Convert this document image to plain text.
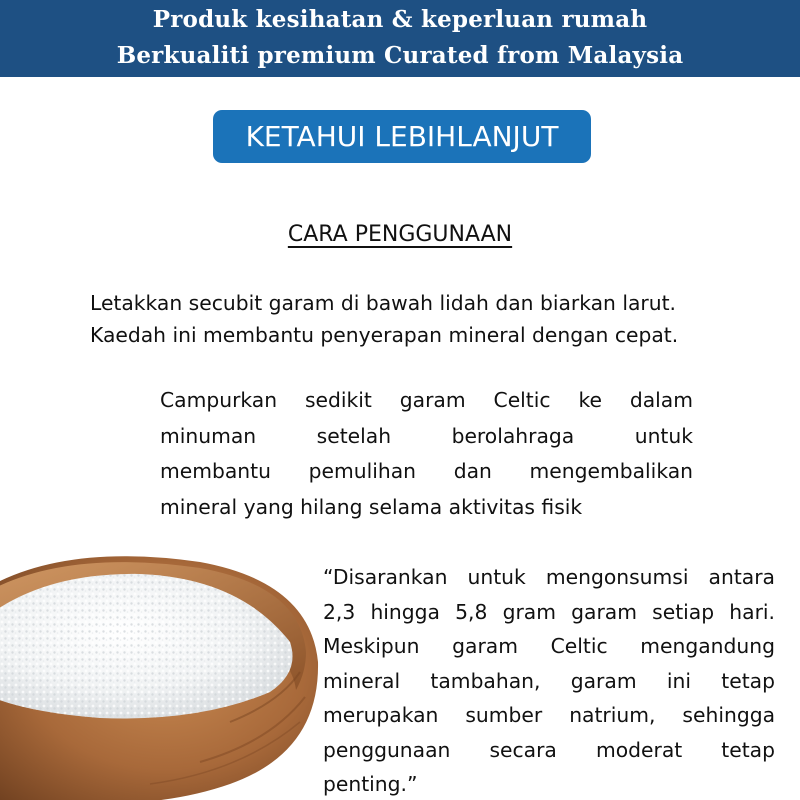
Produk kesihatan & keperluan rumah
Berkualiti premium Curated from Malaysia
KETAHUI LEBIHLANJUT
CARA PENGGUNAAN
Letakkan secubit garam di bawah lidah dan biarkan larut.
Kaedah ini membantu penyerapan mineral dengan cepat.
Campurkan sedikit garam Celtic ke dalam
minuman setelah berolahraga untuk
membantu pemulihan dan mengembalikan
mineral yang hilang selama aktivitas fisik
“Disarankan untuk mengonsumsi antara
2,3 hingga 5,8 gram garam setiap hari.
Meskipun garam Celtic mengandung
mineral tambahan, garam ini tetap
merupakan sumber natrium, sehingga
penggunaan secara moderat tetap
penting.”
